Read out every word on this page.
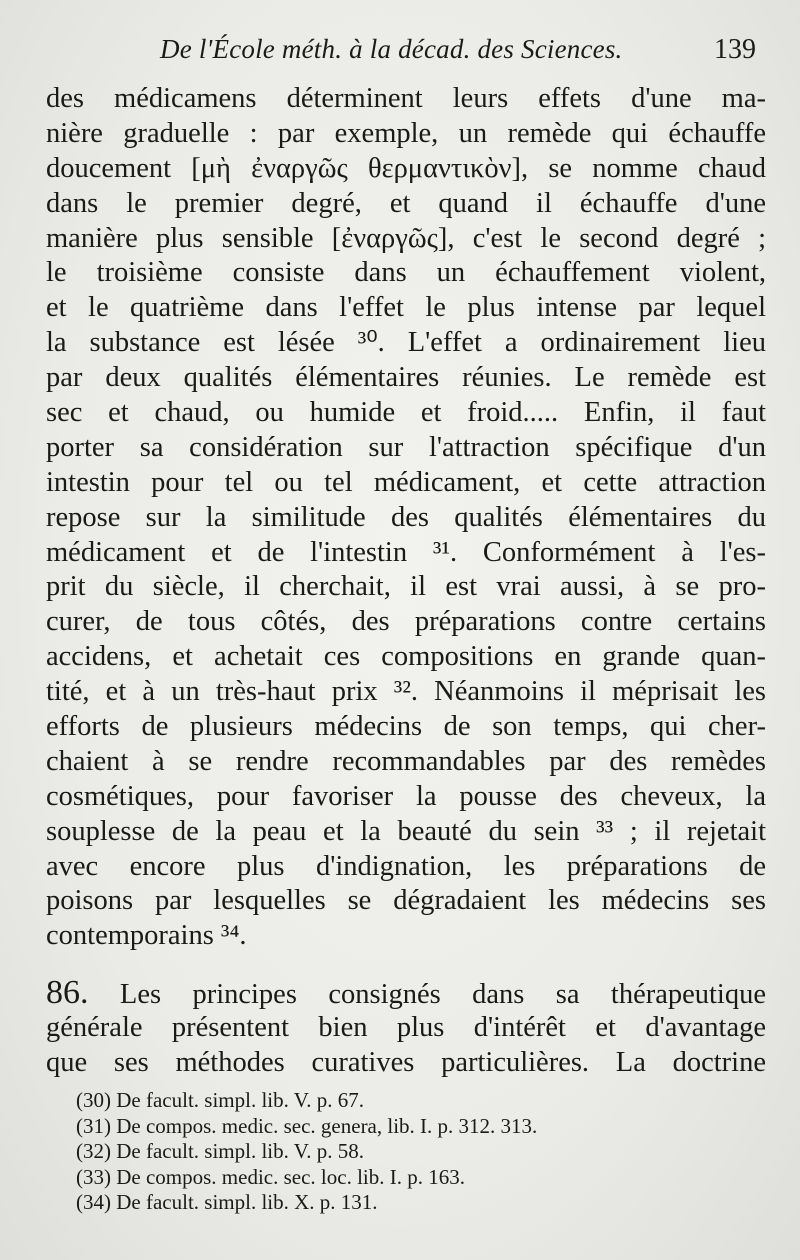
De l'École méth. à la décad. des Sciences.	139
des médicamens déterminent leurs effets d'une ma-
nière graduelle : par exemple, un remède qui échauffe
doucement [μὴ ἐναργῶς θερμαντικὸν], se nomme chaud
dans le premier degré, et quand il échauffe d'une
manière plus sensible [ἐναργῶς], c'est le second degré ;
le troisième consiste dans un échauffement violent,
et le quatrième dans l'effet le plus intense par lequel
la substance est lésée ³⁰. L'effet a ordinairement lieu
par deux qualités élémentaires réunies. Le remède est
sec et chaud, ou humide et froid..... Enfin, il faut
porter sa considération sur l'attraction spécifique d'un
intestin pour tel ou tel médicament, et cette attraction
repose sur la similitude des qualités élémentaires du
médicament et de l'intestin ³¹. Conformément à l'es-
prit du siècle, il cherchait, il est vrai aussi, à se pro-
curer, de tous côtés, des préparations contre certains
accidens, et achetait ces compositions en grande quan-
tité, et à un très-haut prix ³². Néanmoins il méprisait les
efforts de plusieurs médecins de son temps, qui cher-
chaient à se rendre recommandables par des remèdes
cosmétiques, pour favoriser la pousse des cheveux, la
souplesse de la peau et la beauté du sein ³³ ; il rejetait
avec encore plus d'indignation, les préparations de
poisons par lesquelles se dégradaient les médecins ses
contemporains ³⁴.
86. Les principes consignés dans sa thérapeutique
générale présentent bien plus d'intérêt et d'avantage
que ses méthodes curatives particulières. La doctrine
(30) De facult. simpl. lib. V. p. 67.
(31) De compos. medic. sec. genera, lib. I. p. 312. 313.
(32) De facult. simpl. lib. V. p. 58.
(33) De compos. medic. sec. loc. lib. I. p. 163.
(34) De facult. simpl. lib. X. p. 131.
